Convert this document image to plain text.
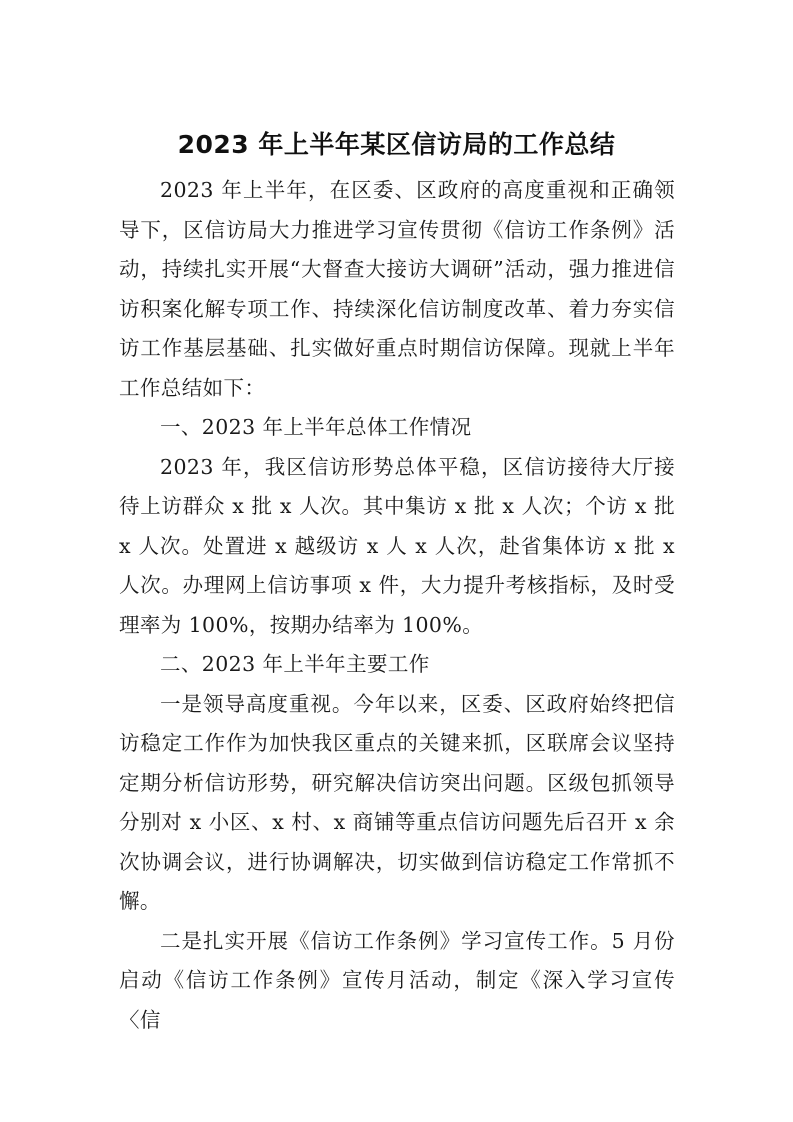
2023 年上半年某区信访局的工作总结

2023 年上半年，在区委、区政府的高度重视和正确领导下，区信访局大力推进学习宣传贯彻《信访工作条例》活动，持续扎实开展“大督查大接访大调研”活动，强力推进信访积案化解专项工作、持续深化信访制度改革、着力夯实信访工作基层基础、扎实做好重点时期信访保障。现就上半年工作总结如下：

一、2023 年上半年总体工作情况

2023 年，我区信访形势总体平稳，区信访接待大厅接待上访群众 x 批 x 人次。其中集访 x 批 x 人次；个访 x 批 x 人次。处置进 x 越级访 x 人 x 人次，赴省集体访 x 批 x 人次。办理网上信访事项 x 件，大力提升考核指标，及时受理率为 100%，按期办结率为 100%。

二、2023 年上半年主要工作

一是领导高度重视。今年以来，区委、区政府始终把信访稳定工作作为加快我区重点的关键来抓，区联席会议坚持定期分析信访形势，研究解决信访突出问题。区级包抓领导分别对 x 小区、x 村、x 商铺等重点信访问题先后召开 x 余次协调会议，进行协调解决，切实做到信访稳定工作常抓不懈。

二是扎实开展《信访工作条例》学习宣传工作。5 月份启动《信访工作条例》宣传月活动，制定《深入学习宣传〈信
